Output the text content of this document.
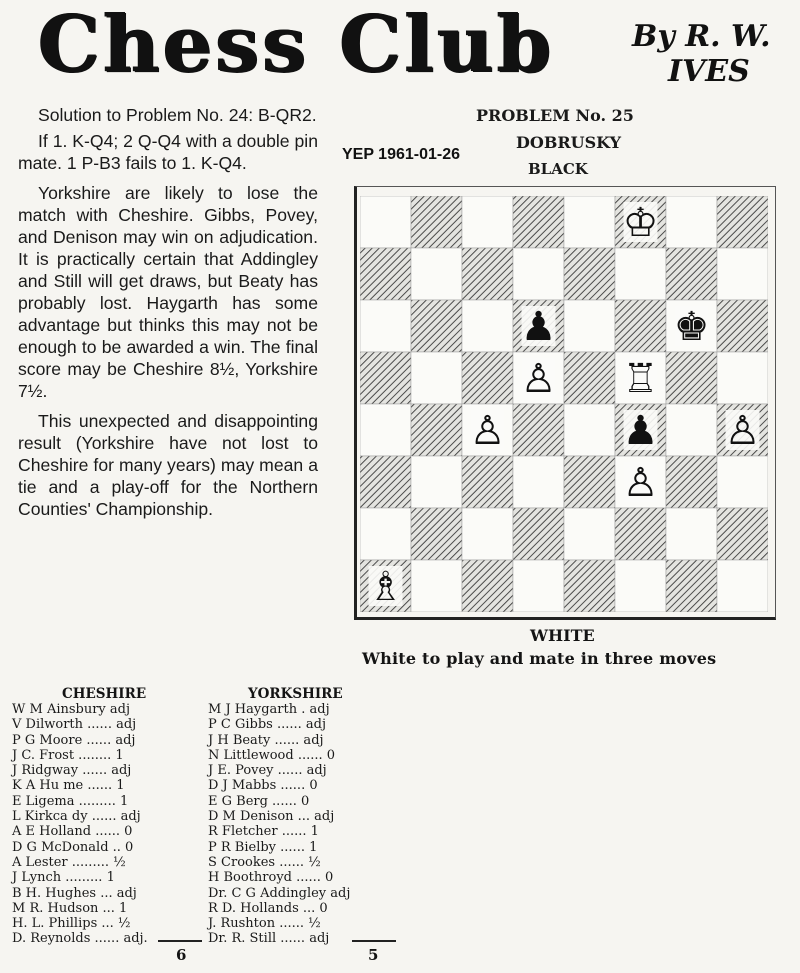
Chess Club	By R. W.
IVES

Solution to Problem No. 24: B-QR2.

If 1. K-Q4; 2 Q-Q4 with a double pin mate. 1 P-B3 fails to 1. K-Q4.

Yorkshire are likely to lose the match with Cheshire. Gibbs, Povey, and Denison may win on adjudication. It is practically certain that Addingley and Still will get draws, but Beaty has probably lost. Haygarth has some advantage but thinks this may not be enough to be awarded a win. The final score may be Cheshire 8½, Yorkshire 7½.

This unexpected and disappointing result (Yorkshire have not lost to Cheshire for many years) may mean a tie and a play-off for the Northern Counties' Championship.

PROBLEM No. 25
DOBRUSKY
BLACK
YEP 1961-01-26
♔
♚
♟
♙ ♖
♙	♟ ♙
♙
♗
WHITE
White to play and mate in three moves
CHESHIRE	YORKSHIRE
W M Ainsbury adj	M J Haygarth . adj
V Dilworth ...... adj	P C Gibbs ...... adj
P G Moore ...... adj	J H Beaty ...... adj
J C. Frost ........ 1	N Littlewood ...... 0
J Ridgway ...... adj	J E. Povey ...... adj
K A Hu me ...... 1	D J Mabbs ...... 0
E Ligema ......... 1	E G Berg ...... 0
L Kirkca dy ...... adj	D M Denison ... adj
A E Holland ...... 0	R Fletcher ...... 1
D G McDonald .. 0	P R Bielby ...... 1
A Lester ......... ½	S Crookes ...... ½
J Lynch ......... 1	H Boothroyd ...... 0
B H. Hughes ... adj	Dr. C G Addingley adj
M R. Hudson ... 1	R D. Hollands ... 0
H. L. Phillips ... ½	J. Rushton ...... ½
D. Reynolds ...... adj.	Dr. R. Still ...... adj
6	5
